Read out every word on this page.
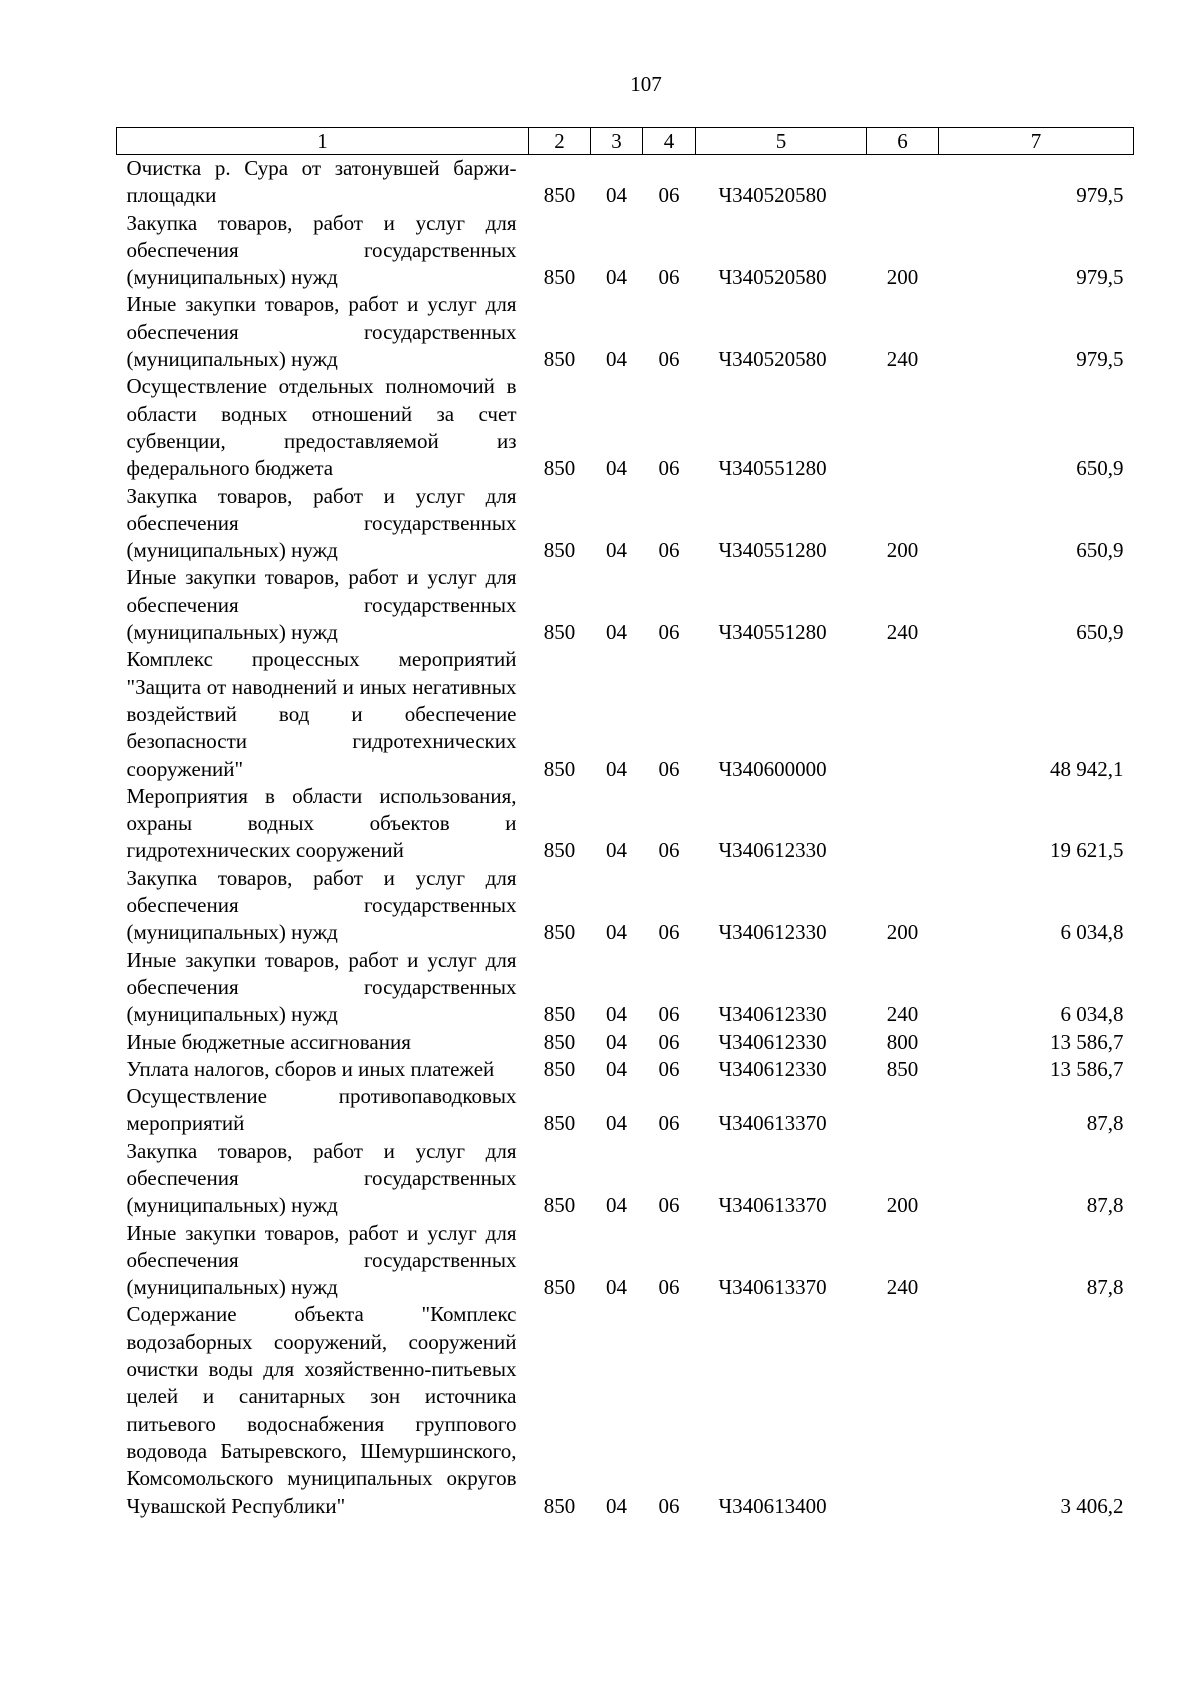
107
1	2	3	4	5	6	7
Очистка р. Сура от затонувшей баржи-площадки	850	04	06	Ч340520580		979,5
Закупка товаров, работ и услуг для обеспечения государственных (муниципальных) нужд	850	04	06	Ч340520580	200	979,5
Иные закупки товаров, работ и услуг для обеспечения государственных (муниципальных) нужд	850	04	06	Ч340520580	240	979,5
Осуществление отдельных полномочий в области водных отношений за счет субвенции, предоставляемой из федерального бюджета	850	04	06	Ч340551280		650,9
Закупка товаров, работ и услуг для обеспечения государственных (муниципальных) нужд	850	04	06	Ч340551280	200	650,9
Иные закупки товаров, работ и услуг для обеспечения государственных (муниципальных) нужд	850	04	06	Ч340551280	240	650,9
Комплекс процессных мероприятий "Защита от наводнений и иных негативных воздействий вод и обеспечение безопасности гидротехнических сооружений"	850	04	06	Ч340600000		48 942,1
Мероприятия в области использования, охраны водных объектов и гидротехнических сооружений	850	04	06	Ч340612330		19 621,5
Закупка товаров, работ и услуг для обеспечения государственных (муниципальных) нужд	850	04	06	Ч340612330	200	6 034,8
Иные закупки товаров, работ и услуг для обеспечения государственных (муниципальных) нужд	850	04	06	Ч340612330	240	6 034,8
Иные бюджетные ассигнования	850	04	06	Ч340612330	800	13 586,7
Уплата налогов, сборов и иных платежей	850	04	06	Ч340612330	850	13 586,7
Осуществление противопаводковых мероприятий	850	04	06	Ч340613370		87,8
Закупка товаров, работ и услуг для обеспечения государственных (муниципальных) нужд	850	04	06	Ч340613370	200	87,8
Иные закупки товаров, работ и услуг для обеспечения государственных (муниципальных) нужд	850	04	06	Ч340613370	240	87,8
Содержание объекта "Комплекс водозаборных сооружений, сооружений очистки воды для хозяйственно-питьевых целей и санитарных зон источника питьевого водоснабжения группового водовода Батыревского, Шемуршинского, Комсомольского муниципальных округов Чувашской Республики"	850	04	06	Ч340613400		3 406,2
